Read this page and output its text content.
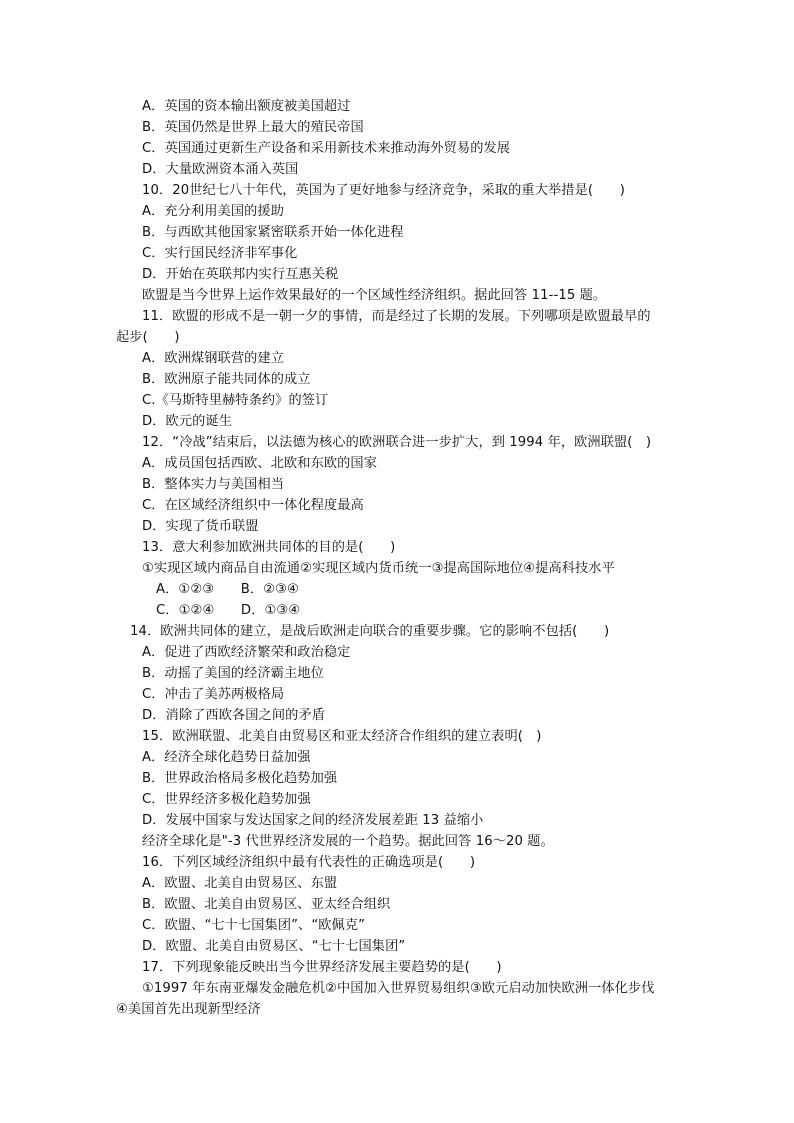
A．英国的资本输出额度被美国超过
B．英国仍然是世界上最大的殖民帝国
C．英国通过更新生产设备和采用新技术来推动海外贸易的发展
D．大量欧洲资本涌入英国
10．20世纪七八十年代，英国为了更好地参与经济竞争，采取的重大举措是(　　)
A．充分利用美国的援助
B．与西欧其他国家紧密联系开始一体化进程
C．实行国民经济非军事化
D．开始在英联邦内实行互惠关税
欧盟是当今世界上运作效果最好的一个区域性经济组织。据此回答 11--15 题。
11．欧盟的形成不是一朝一夕的事情，而是经过了长期的发展。下列哪项是欧盟最早的
起步(　　)
A．欧洲煤钢联营的建立
B．欧洲原子能共同体的成立
C.《马斯特里赫特条约》的签订
D．欧元的诞生
12．“冷战”结束后，以法德为核心的欧洲联合进一步扩大，到 1994 年，欧洲联盟(　)
A．成员国包括西欧、北欧和东欧的国家
B．整体实力与美国相当
C．在区域经济组织中一体化程度最高
D．实现了货币联盟
13．意大利参加欧洲共同体的目的是(　　)
①实现区域内商品自由流通②实现区域内货币统一③提高国际地位④提高科技水平
A．①②③　　B．②③④
C．①②④　　D．①③④
14．欧洲共同体的建立，是战后欧洲走向联合的重要步骤。它的影响不包括(　　)
A．促进了西欧经济繁荣和政治稳定
B．动摇了美国的经济霸主地位
C．冲击了美苏两极格局
D．消除了西欧各国之间的矛盾
15．欧洲联盟、北美自由贸易区和亚太经济合作组织的建立表明(　)
A．经济全球化趋势日益加强
B．世界政治格局多极化趋势加强
C．世界经济多极化趋势加强
D．发展中国家与发达国家之间的经济发展差距 13 益缩小
经济全球化是"-3 代世界经济发展的一个趋势。据此回答 16～20 题。
16．下列区域经济组织中最有代表性的正确选项是(　　)
A．欧盟、北美自由贸易区、东盟
B．欧盟、北美自由贸易区、亚太经合组织
C．欧盟、“七十七国集团”、“欧佩克”
D．欧盟、北美自由贸易区、“七十七国集团”
17．下列现象能反映出当今世界经济发展主要趋势的是(　　)
①1997 年东南亚爆发金融危机②中国加入世界贸易组织③欧元启动加快欧洲一体化步伐
④美国首先出现新型经济
